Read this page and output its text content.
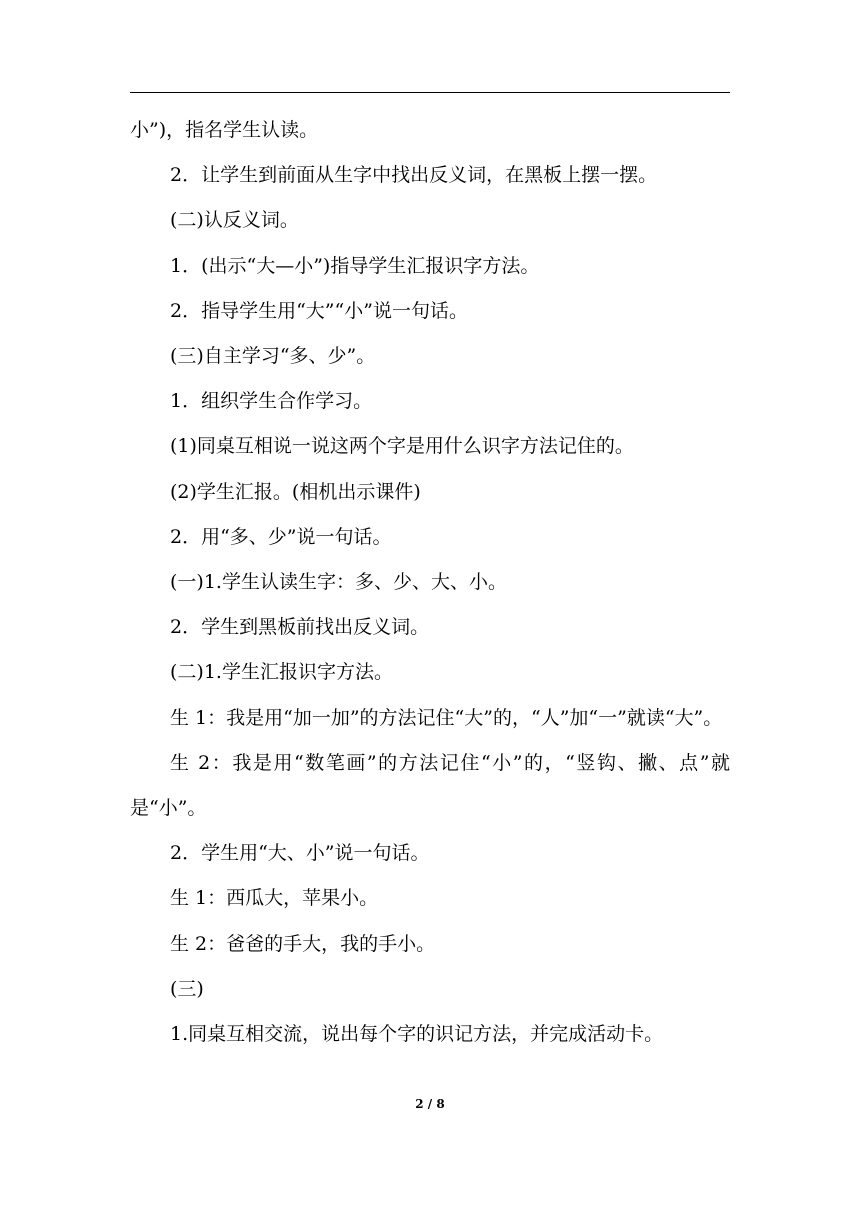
小”)，指名学生认读。

2．让学生到前面从生字中找出反义词，在黑板上摆一摆。

(二)认反义词。

1．(出示“大—小”)指导学生汇报识字方法。

2．指导学生用“大”“小”说一句话。

(三)自主学习“多、少”。

1．组织学生合作学习。

(1)同桌互相说一说这两个字是用什么识字方法记住的。

(2)学生汇报。(相机出示课件)

2．用“多、少”说一句话。

(一)1.学生认读生字：多、少、大、小。

2．学生到黑板前找出反义词。

(二)1.学生汇报识字方法。

生 1：我是用“加一加”的方法记住“大”的，“人”加“一”就读“大”。

生 2：我是用“数笔画”的方法记住“小”的，“竖钩、撇、点”就是“小”。

2．学生用“大、小”说一句话。

生 1：西瓜大，苹果小。

生 2：爸爸的手大，我的手小。

(三)

1.同桌互相交流，说出每个字的识记方法，并完成活动卡。

2 / 8
